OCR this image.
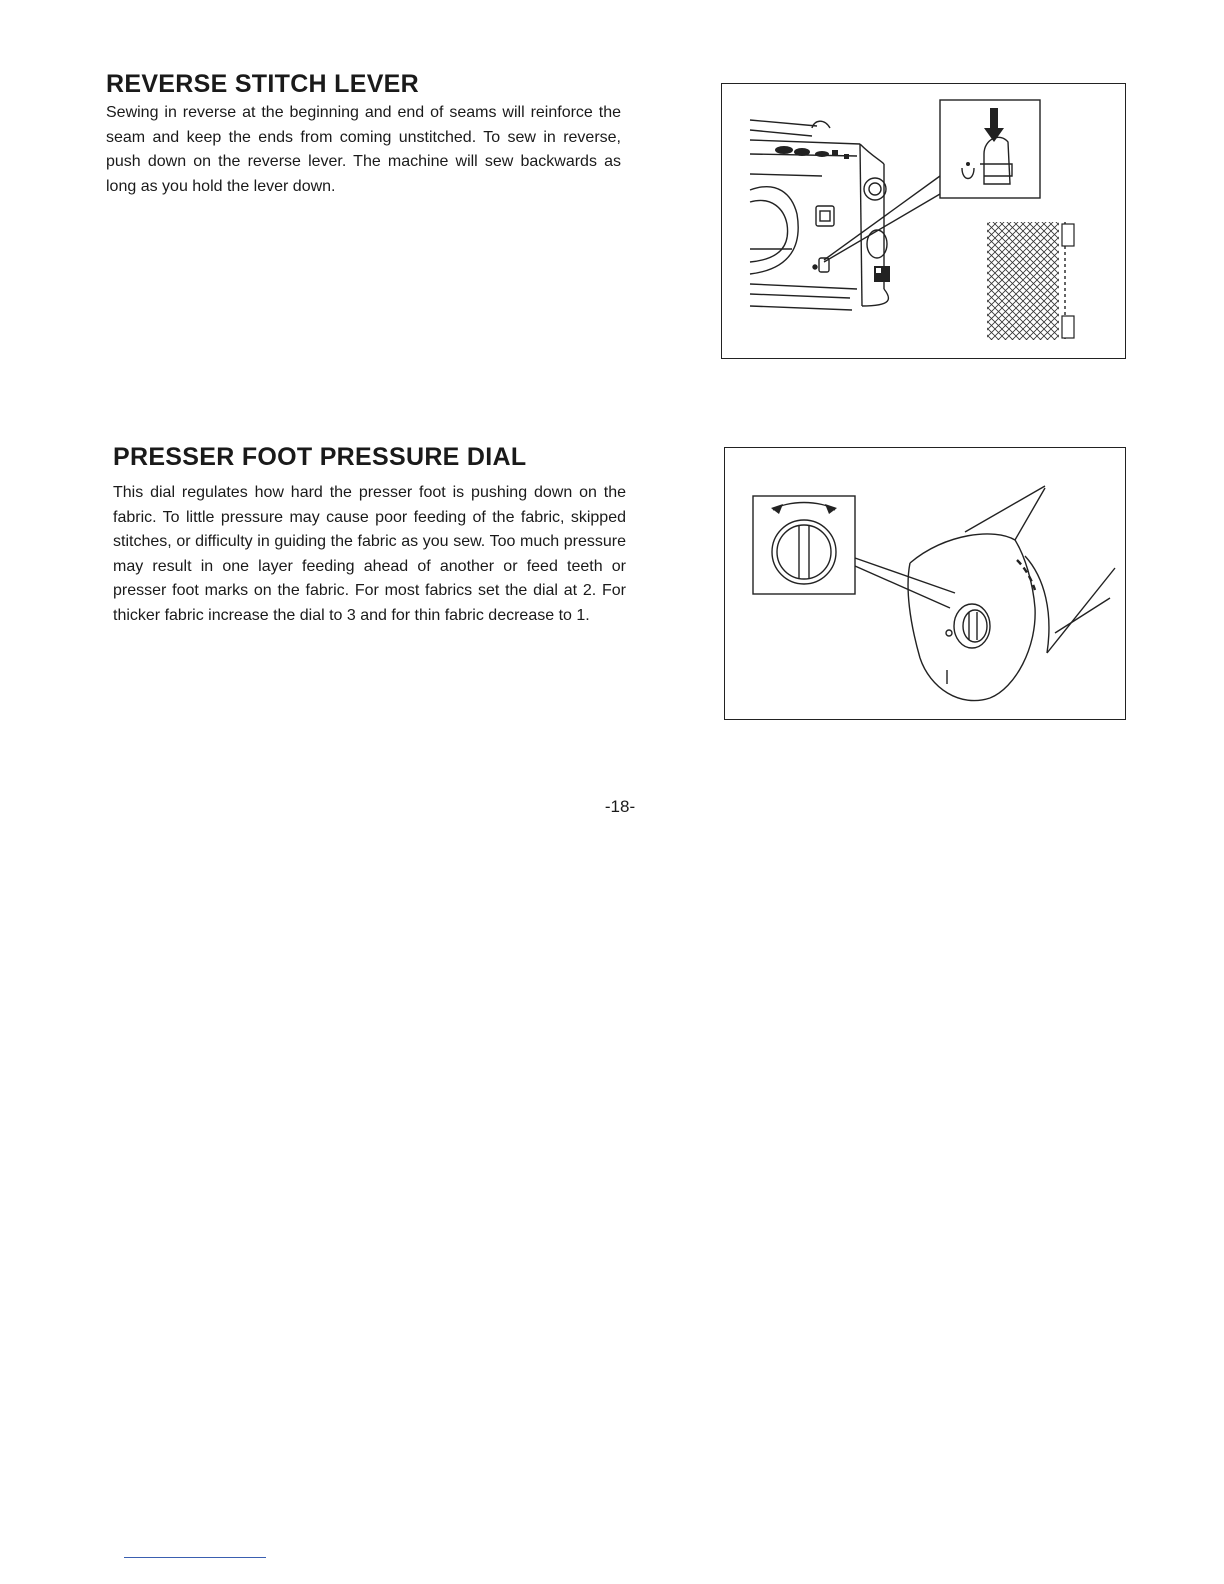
REVERSE STITCH LEVER

Sewing in reverse at the beginning and end of seams will reinforce the seam and keep the ends from coming unstitched. To sew in reverse, push down on the reverse lever. The machine will sew backwards as long as you hold the lever down.

PRESSER FOOT PRESSURE DIAL

This dial regulates how hard the presser foot is pushing down on the fabric. To little pressure may cause poor feeding of the fabric, skipped stitches, or difficulty in guiding the fabric as you sew. Too much pressure may result in one layer feeding ahead of another or feed teeth or presser foot marks on the fabric. For most fabrics set the dial at 2. For thicker fabric increase the dial to 3 and for thin fabric decrease to 1.

-18-
